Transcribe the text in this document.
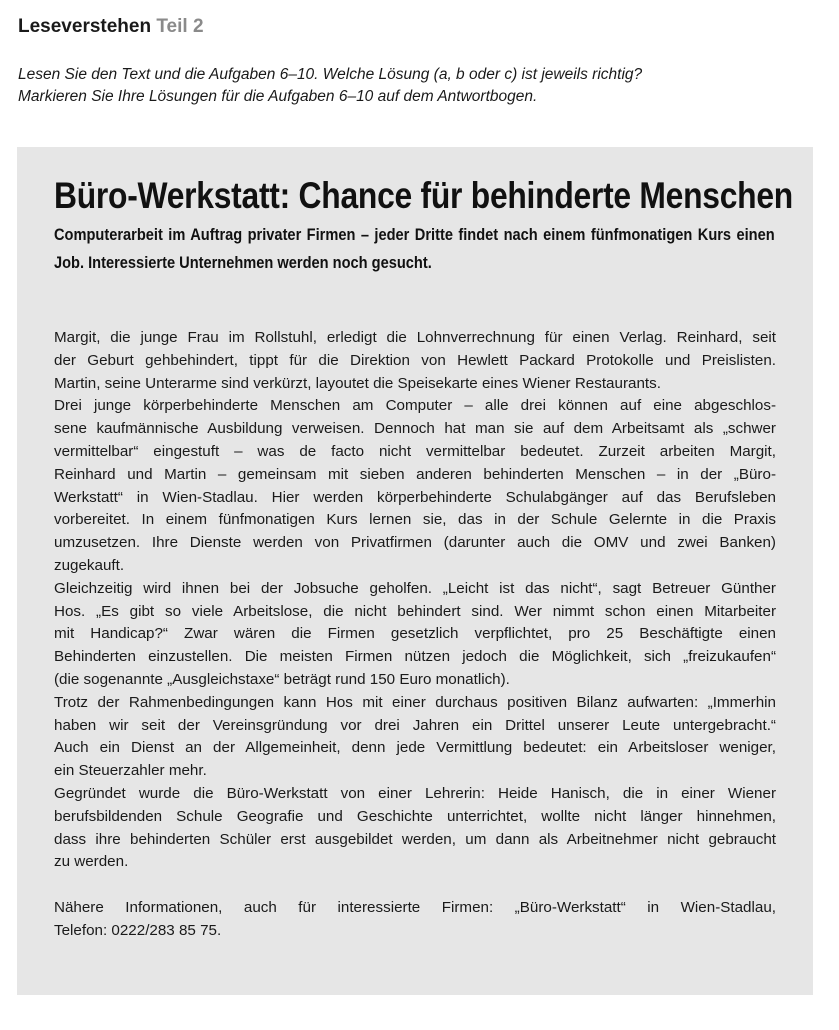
Leseverstehen Teil 2
Lesen Sie den Text und die Aufgaben 6–10. Welche Lösung (a, b oder c) ist jeweils richtig?
Markieren Sie Ihre Lösungen für die Aufgaben 6–10 auf dem Antwortbogen.
Büro-Werkstatt: Chance für behinderte Menschen
Computerarbeit im Auftrag privater Firmen – jeder Dritte findet nach einem fünfmonatigen Kurs einen
Job. Interessierte Unternehmen werden noch gesucht.

Margit, die junge Frau im Rollstuhl, erledigt die Lohnverrechnung für einen Verlag. Reinhard, seit
der Geburt gehbehindert, tippt für die Direktion von Hewlett Packard Protokolle und Preislisten.
Martin, seine Unterarme sind verkürzt, layoutet die Speisekarte eines Wiener Restaurants.

Drei junge körperbehinderte Menschen am Computer – alle drei können auf eine abgeschlos-
sene kaufmännische Ausbildung verweisen. Dennoch hat man sie auf dem Arbeitsamt als „schwer
vermittelbar“ eingestuft – was de facto nicht vermittelbar bedeutet. Zurzeit arbeiten Margit,
Reinhard und Martin – gemeinsam mit sieben anderen behinderten Menschen – in der „Büro-
Werkstatt“ in Wien-Stadlau. Hier werden körperbehinderte Schulabgänger auf das Berufsleben
vorbereitet. In einem fünfmonatigen Kurs lernen sie, das in der Schule Gelernte in die Praxis
umzusetzen. Ihre Dienste werden von Privatfirmen (darunter auch die OMV und zwei Banken)
zugekauft.

Gleichzeitig wird ihnen bei der Jobsuche geholfen. „Leicht ist das nicht“, sagt Betreuer Günther
Hos. „Es gibt so viele Arbeitslose, die nicht behindert sind. Wer nimmt schon einen Mitarbeiter
mit Handicap?“ Zwar wären die Firmen gesetzlich verpflichtet, pro 25 Beschäftigte einen
Behinderten einzustellen. Die meisten Firmen nützen jedoch die Möglichkeit, sich „freizukaufen“
(die sogenannte „Ausgleichstaxe“ beträgt rund 150 Euro monatlich).

Trotz der Rahmenbedingungen kann Hos mit einer durchaus positiven Bilanz aufwarten: „Immerhin
haben wir seit der Vereinsgründung vor drei Jahren ein Drittel unserer Leute untergebracht.“
Auch ein Dienst an der Allgemeinheit, denn jede Vermittlung bedeutet: ein Arbeitsloser weniger,
ein Steuerzahler mehr.

Gegründet wurde die Büro-Werkstatt von einer Lehrerin: Heide Hanisch, die in einer Wiener
berufsbildenden Schule Geografie und Geschichte unterrichtet, wollte nicht länger hinnehmen,
dass ihre behinderten Schüler erst ausgebildet werden, um dann als Arbeitnehmer nicht gebraucht
zu werden.

Nähere Informationen, auch für interessierte Firmen: „Büro-Werkstatt“ in Wien-Stadlau,
Telefon: 0222/283 85 75.
